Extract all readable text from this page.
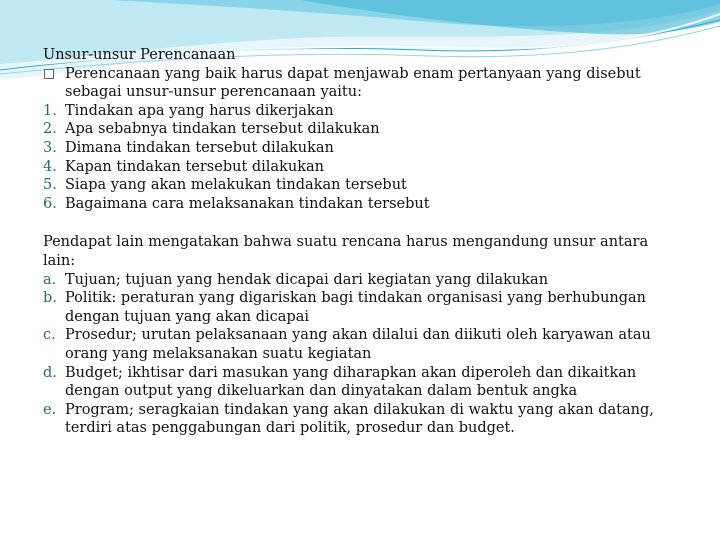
Unsur-unsur Perencanaan

Perencanaan yang baik harus dapat menjawab enam pertanyaan yang disebut sebagai unsur-unsur perencanaan yaitu:
1. Tindakan apa yang harus dikerjakan
2. Apa sebabnya tindakan tersebut dilakukan
3. Dimana tindakan tersebut dilakukan
4. Kapan tindakan tersebut dilakukan
5. Siapa yang akan melakukan tindakan tersebut
6. Bagaimana cara melaksanakan tindakan tersebut

Pendapat lain mengatakan bahwa suatu rencana harus mengandung unsur antara lain:

a. Tujuan; tujuan yang hendak dicapai dari kegiatan yang dilakukan
b. Politik: peraturan yang digariskan bagi tindakan organisasi yang berhubungan dengan tujuan yang akan dicapai
c. Prosedur; urutan pelaksanaan yang akan dilalui dan diikuti oleh karyawan atau orang yang melaksanakan suatu kegiatan
d. Budget; ikhtisar dari masukan yang diharapkan akan diperoleh dan dikaitkan dengan output yang dikeluarkan dan dinyatakan dalam bentuk angka
e. Program; seragkaian tindakan yang akan dilakukan di waktu yang akan datang, terdiri atas penggabungan dari politik, prosedur dan budget.
